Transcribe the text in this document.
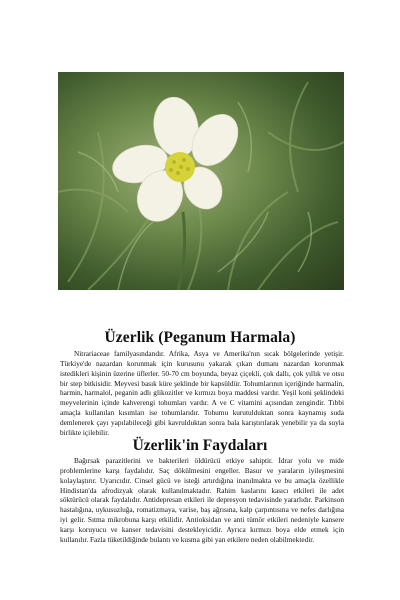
Üzerlik (Peganum Harmala)

Nitrariaceae familyasındandır. Afrika, Asya ve Amerika'nın sıcak bölgelerinde yetişir. Türkiye'de nazardan korunmak için kurusunu yakarak çıkan dumanı nazardan korunmak istedikleri kişinin üzerine üflerler. 50-70 cm boyunda, beyaz çiçekli, çok dallı, çok yıllık ve otsu bir step bitkisidir. Meyvesi basık küre şeklinde bir kapsüldür. Tohumlarının içeriğinde harmalin, harmin, harmalol, peganin adlı glikozitler ve kırmızı boya maddesi vardır. Yeşil koni şeklindeki meyvelerinin içinde kahverengi tohumları vardır. A ve C vitamini açısından zengindir. Tıbbi amaçla kullanılan kısımları ise tohumlarıdır. Tohumu kurutulduktan sonra kaynamış suda demlenerek çayı yapılabileceği gibi kavrulduktan sonra bala karıştırılarak yenebilir ya da suyla birlikte içilebilir.

Üzerlik'in Faydaları

Bağırsak parazitlerini ve bakterileri öldürücü etkiye sahiptir. İdrar yolu ve mide problemlerine karşı faydalıdır. Saç dökülmesini engeller. Basur ve yaraların iyileşmesini kolaylaştırır. Uyarıcıdır. Cinsel gücü ve isteği artırdığına inanılmakta ve bu amaçla özellikle Hindistan'da afrodizyak olarak kullanılmaktadır. Rahim kaslarını kasıcı etkileri ile adet söktürücü olarak faydalıdır. Antidepresan etkileri ile depresyon tedavisinde yararlıdır. Parkinson hastalığına, uykusuzluğa, romatizmaya, varise, baş ağrısına, kalp çarpıntısına ve nefes darlığına iyi gelir. Sıtma mikrobuna karşı etkilidir. Antioksidan ve anti tümör etkileri nedeniyle kansere karşı koruyucu ve kanser tedavisini destekleyicidir. Ayrıca kırmızı boya elde etmek için kullanılır. Fazla tüketildiğinde bulantı ve kusma gibi yan etkilere neden olabilmektedir.
